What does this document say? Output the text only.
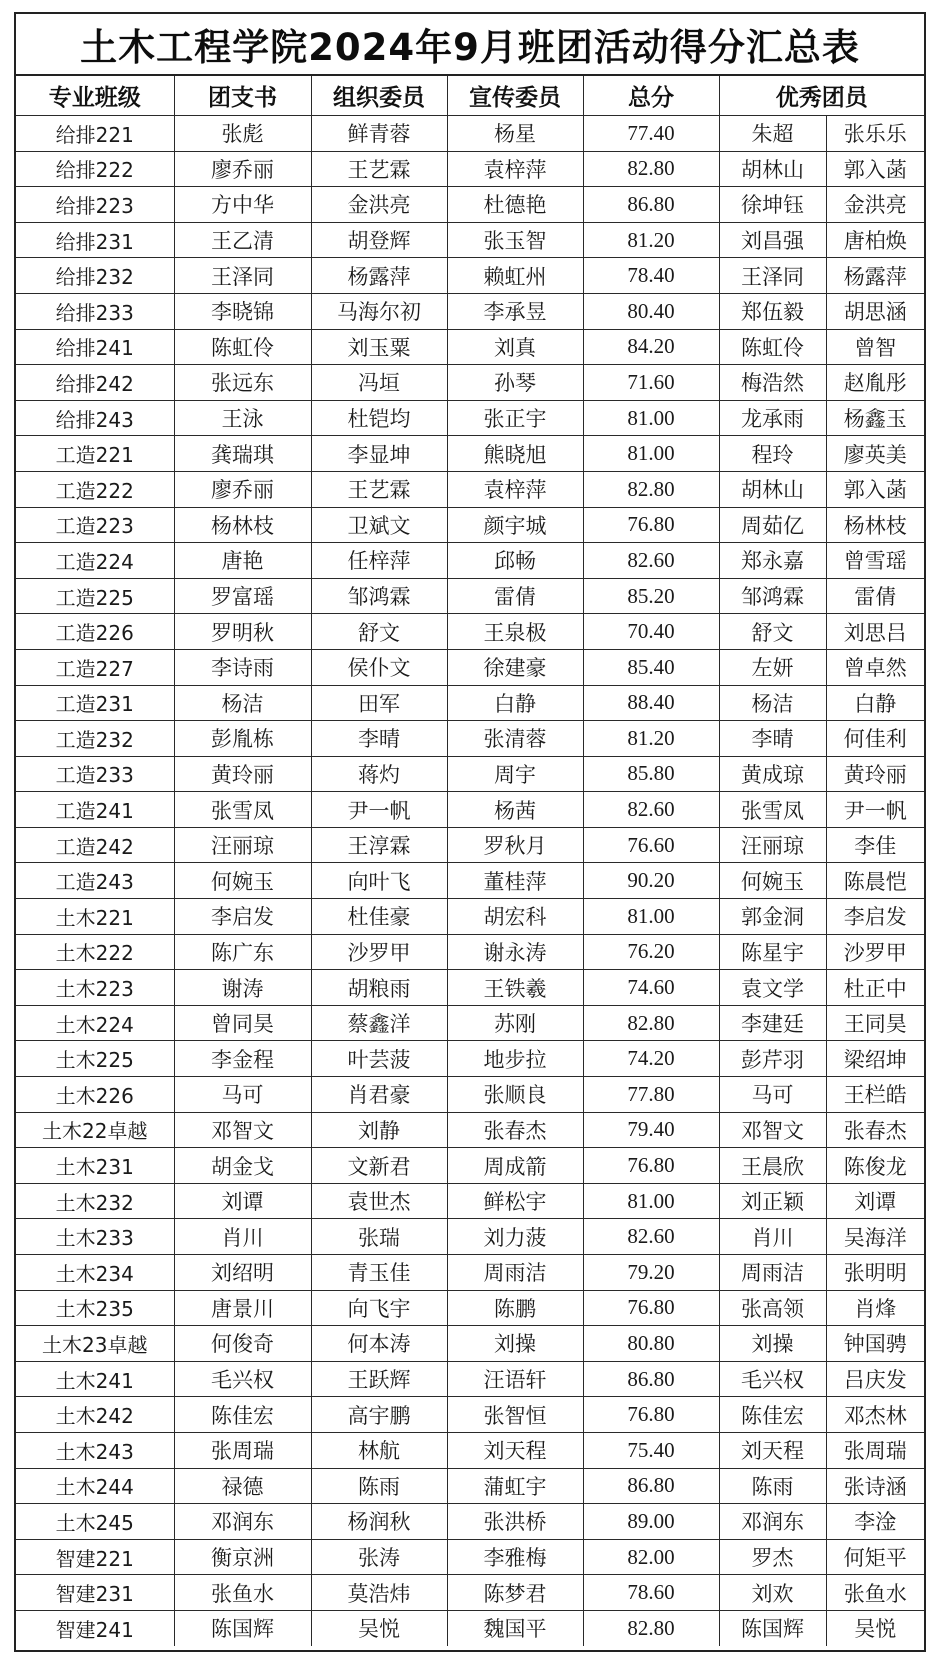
土木工程学院2024年9月班团活动得分汇总表
专业班级	团支书	组织委员	宣传委员	总分	优秀团员	
给排221	张彪	鲜青蓉	杨星	77.40	朱超	张乐乐
给排222	廖乔丽	王艺霖	袁梓萍	82.80	胡林山	郭入菡
给排223	方中华	金洪亮	杜德艳	86.80	徐坤钰	金洪亮
给排231	王乙清	胡登辉	张玉智	81.20	刘昌强	唐柏焕
给排232	王泽同	杨露萍	赖虹州	78.40	王泽同	杨露萍
给排233	李晓锦	马海尔初	李承昱	80.40	郑伍毅	胡思涵
给排241	陈虹伶	刘玉粟	刘真	84.20	陈虹伶	曾智
给排242	张远东	冯垣	孙琴	71.60	梅浩然	赵胤彤
给排243	王泳	杜铠均	张正宇	81.00	龙承雨	杨鑫玉
工造221	龚瑞琪	李显坤	熊晓旭	81.00	程玲	廖英美
工造222	廖乔丽	王艺霖	袁梓萍	82.80	胡林山	郭入菡
工造223	杨林枝	卫斌文	颜宇城	76.80	周茹亿	杨林枝
工造224	唐艳	任梓萍	邱畅	82.60	郑永嘉	曾雪瑶
工造225	罗富瑶	邹鸿霖	雷倩	85.20	邹鸿霖	雷倩
工造226	罗明秋	舒文	王泉极	70.40	舒文	刘思吕
工造227	李诗雨	侯仆文	徐建豪	85.40	左妍	曾卓然
工造231	杨洁	田军	白静	88.40	杨洁	白静
工造232	彭胤栋	李晴	张清蓉	81.20	李晴	何佳利
工造233	黄玲丽	蒋灼	周宇	85.80	黄成琼	黄玲丽
工造241	张雪凤	尹一帆	杨茜	82.60	张雪凤	尹一帆
工造242	汪丽琼	王淳霖	罗秋月	76.60	汪丽琼	李佳
工造243	何婉玉	向叶飞	董桂萍	90.20	何婉玉	陈晨恺
土木221	李启发	杜佳豪	胡宏科	81.00	郭金洞	李启发
土木222	陈广东	沙罗甲	谢永涛	76.20	陈星宇	沙罗甲
土木223	谢涛	胡粮雨	王铁羲	74.60	袁文学	杜正中
土木224	曾同昊	蔡鑫洋	苏刚	82.80	李建廷	王同昊
土木225	李金程	叶芸菠	地步拉	74.20	彭芹羽	梁绍坤
土木226	马可	肖君豪	张顺良	77.80	马可	王栏皓
土木22卓越	邓智文	刘静	张春杰	79.40	邓智文	张春杰
土木231	胡金戈	文新君	周成箭	76.80	王晨欣	陈俊龙
土木232	刘谭	袁世杰	鲜松宇	81.00	刘正颖	刘谭
土木233	肖川	张瑞	刘力菠	82.60	肖川	吴海洋
土木234	刘绍明	青玉佳	周雨洁	79.20	周雨洁	张明明
土木235	唐景川	向飞宇	陈鹏	76.80	张高领	肖烽
土木23卓越	何俊奇	何本涛	刘操	80.80	刘操	钟国骋
土木241	毛兴权	王跃辉	汪语轩	86.80	毛兴权	吕庆发
土木242	陈佳宏	高宇鹏	张智恒	76.80	陈佳宏	邓杰林
土木243	张周瑞	林航	刘天程	75.40	刘天程	张周瑞
土木244	禄德	陈雨	蒲虹宇	86.80	陈雨	张诗涵
土木245	邓润东	杨润秋	张洪桥	89.00	邓润东	李淦
智建221	衡京洲	张涛	李雅梅	82.00	罗杰	何矩平
智建231	张鱼水	莫浩炜	陈梦君	78.60	刘欢	张鱼水
智建241	陈国辉	吴悦	魏国平	82.80	陈国辉	吴悦
